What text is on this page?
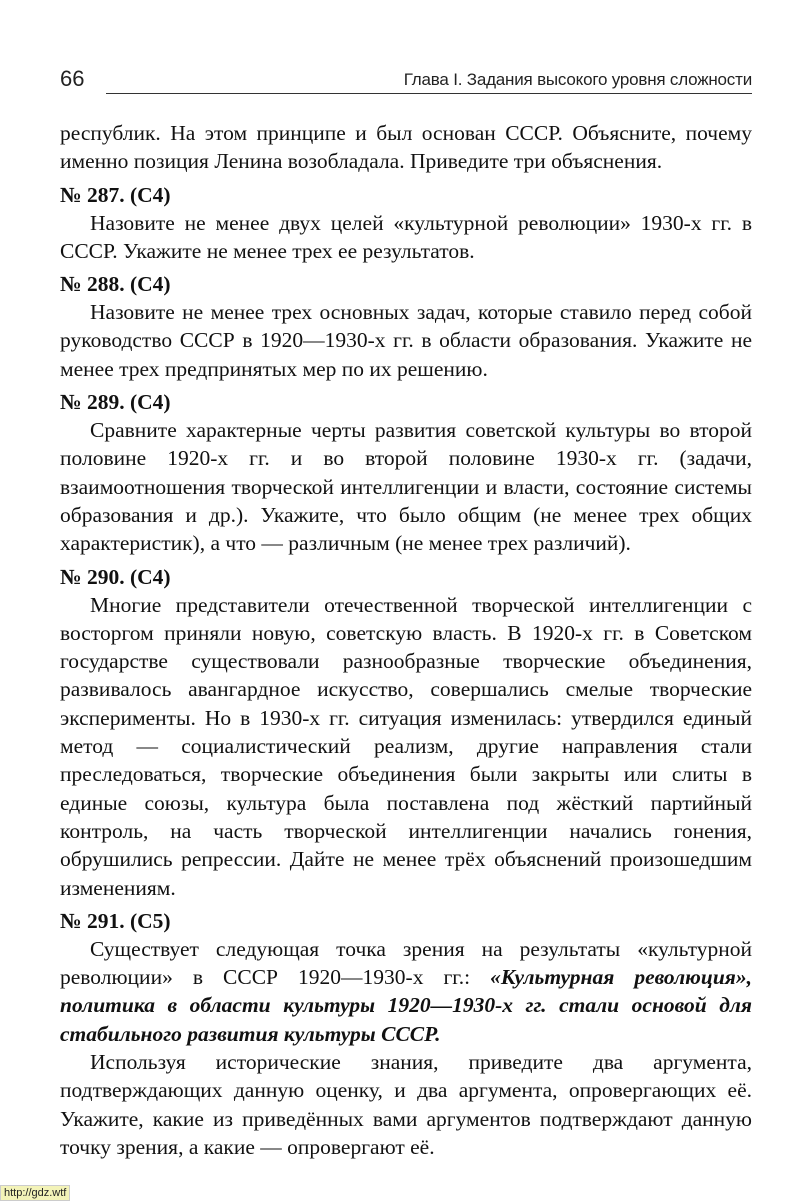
66	Глава I. Задания высокого уровня сложности

республик. На этом принципе и был основан СССР. Объясните, почему именно позиция Ленина возобладала. Приведите три объяснения.

№ 287. (С4)

Назовите не менее двух целей «культурной революции» 1930-х гг. в СССР. Укажите не менее трех ее результатов.

№ 288. (С4)

Назовите не менее трех основных задач, которые ставило перед собой руководство СССР в 1920—1930-х гг. в области образования. Укажите не менее трех предпринятых мер по их решению.

№ 289. (С4)

Сравните характерные черты развития советской культуры во второй половине 1920-х гг. и во второй половине 1930-х гг. (задачи, взаимоотношения творческой интеллигенции и власти, состояние системы образования и др.). Укажите, что было общим (не менее трех общих характеристик), а что — различным (не менее трех различий).

№ 290. (С4)

Многие представители отечественной творческой интеллигенции с восторгом приняли новую, советскую власть. В 1920-х гг. в Советском государстве существовали разнообразные творческие объединения, развивалось авангардное искусство, совершались смелые творческие эксперименты. Но в 1930-х гг. ситуация изменилась: утвердился единый метод — социалистический реализм, другие направления стали преследоваться, творческие объединения были закрыты или слиты в единые союзы, культура была поставлена под жёсткий партийный контроль, на часть творческой интеллигенции начались гонения, обрушились репрессии. Дайте не менее трёх объяснений произошедшим изменениям.

№ 291. (С5)

Существует следующая точка зрения на результаты «культурной революции» в СССР 1920—1930-х гг.: «Культурная революция», политика в области культуры 1920—1930-х гг. стали основой для стабильного развития культуры СССР.

Используя исторические знания, приведите два аргумента, подтверждающих данную оценку, и два аргумента, опровергающих её. Укажите, какие из приведённых вами аргументов подтверждают данную точку зрения, а какие — опровергают её.

http://gdz.wtf
